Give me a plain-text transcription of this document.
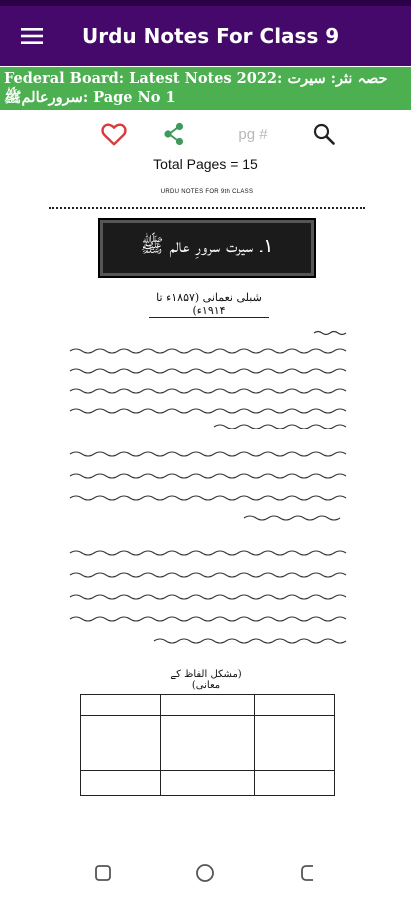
Urdu Notes For Class 9
Federal Board: Latest Notes 2022: حصہ نثر: سیرت
سرورعالمﷺ: Page No 1
pg #
Total Pages = 15
URDU NOTES FOR 9th CLASS
۱۔ سیرت سرورِ عالم ﷺ
شبلی نعمانی (۱۸۵۷ء تا ۱۹۱۴ء)
(مشکل الفاظ کے معانی)
